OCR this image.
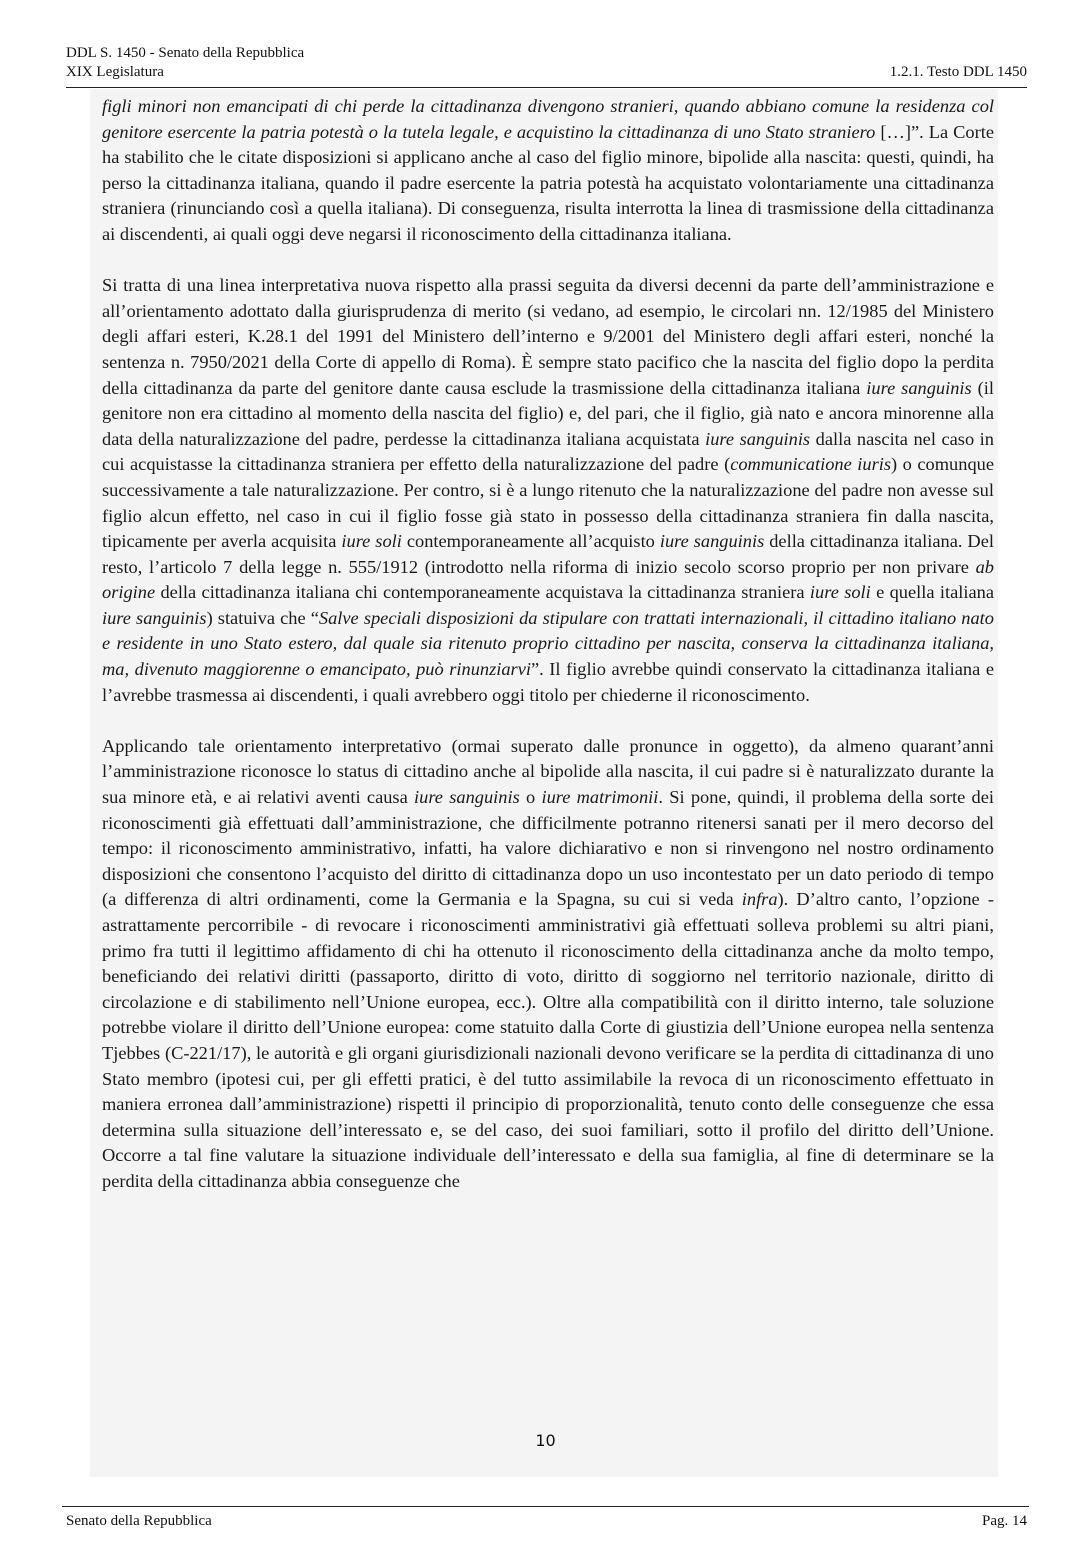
DDL S. 1450 - Senato della Repubblica
XIX Legislatura	1.2.1. Testo DDL 1450

figli minori non emancipati di chi perde la cittadinanza divengono stranieri, quando abbiano comune la residenza col genitore esercente la patria potestà o la tutela legale, e acquistino la cittadinanza di uno Stato straniero […]”. La Corte ha stabilito che le citate disposizioni si applicano anche al caso del figlio minore, bipolide alla nascita: questi, quindi, ha perso la cittadinanza italiana, quando il padre esercente la patria potestà ha acquistato volontariamente una cittadinanza straniera (rinunciando così a quella italiana). Di conseguenza, risulta interrotta la linea di trasmissione della cittadinanza ai discendenti, ai quali oggi deve negarsi il riconoscimento della cittadinanza italiana.

Si tratta di una linea interpretativa nuova rispetto alla prassi seguita da diversi decenni da parte dell’amministrazione e all’orientamento adottato dalla giurisprudenza di merito (si vedano, ad esempio, le circolari nn. 12/1985 del Ministero degli affari esteri, K.28.1 del 1991 del Ministero dell’interno e 9/2001 del Ministero degli affari esteri, nonché la sentenza n. 7950/2021 della Corte di appello di Roma). È sempre stato pacifico che la nascita del figlio dopo la perdita della cittadinanza da parte del genitore dante causa esclude la trasmissione della cittadinanza italiana iure sanguinis (il genitore non era cittadino al momento della nascita del figlio) e, del pari, che il figlio, già nato e ancora minorenne alla data della naturalizzazione del padre, perdesse la cittadinanza italiana acquistata iure sanguinis dalla nascita nel caso in cui acquistasse la cittadinanza straniera per effetto della naturalizzazione del padre (communicatione iuris) o comunque successivamente a tale naturalizzazione. Per contro, si è a lungo ritenuto che la naturalizzazione del padre non avesse sul figlio alcun effetto, nel caso in cui il figlio fosse già stato in possesso della cittadinanza straniera fin dalla nascita, tipicamente per averla acquisita iure soli contemporaneamente all’acquisto iure sanguinis della cittadinanza italiana. Del resto, l’articolo 7 della legge n. 555/1912 (introdotto nella riforma di inizio secolo scorso proprio per non privare ab origine della cittadinanza italiana chi contemporaneamente acquistava la cittadinanza straniera iure soli e quella italiana iure sanguinis) statuiva che “Salve speciali disposizioni da stipulare con trattati internazionali, il cittadino italiano nato e residente in uno Stato estero, dal quale sia ritenuto proprio cittadino per nascita, conserva la cittadinanza italiana, ma, divenuto maggiorenne o emancipato, può rinunziarvi”. Il figlio avrebbe quindi conservato la cittadinanza italiana e l’avrebbe trasmessa ai discendenti, i quali avrebbero oggi titolo per chiederne il riconoscimento.

Applicando tale orientamento interpretativo (ormai superato dalle pronunce in oggetto), da almeno quarant’anni l’amministrazione riconosce lo status di cittadino anche al bipolide alla nascita, il cui padre si è naturalizzato durante la sua minore età, e ai relativi aventi causa iure sanguinis o iure matrimonii. Si pone, quindi, il problema della sorte dei riconoscimenti già effettuati dall’amministrazione, che difficilmente potranno ritenersi sanati per il mero decorso del tempo: il riconoscimento amministrativo, infatti, ha valore dichiarativo e non si rinvengono nel nostro ordinamento disposizioni che consentono l’acquisto del diritto di cittadinanza dopo un uso incontestato per un dato periodo di tempo (a differenza di altri ordinamenti, come la Germania e la Spagna, su cui si veda infra). D’altro canto, l’opzione - astrattamente percorribile - di revocare i riconoscimenti amministrativi già effettuati solleva problemi su altri piani, primo fra tutti il legittimo affidamento di chi ha ottenuto il riconoscimento della cittadinanza anche da molto tempo, beneficiando dei relativi diritti (passaporto, diritto di voto, diritto di soggiorno nel territorio nazionale, diritto di circolazione e di stabilimento nell’Unione europea, ecc.). Oltre alla compatibilità con il diritto interno, tale soluzione potrebbe violare il diritto dell’Unione europea: come statuito dalla Corte di giustizia dell’Unione europea nella sentenza Tjebbes (C-221/17), le autorità e gli organi giurisdizionali nazionali devono verificare se la perdita di cittadinanza di uno Stato membro (ipotesi cui, per gli effetti pratici, è del tutto assimilabile la revoca di un riconoscimento effettuato in maniera erronea dall’amministrazione) rispetti il principio di proporzionalità, tenuto conto delle conseguenze che essa determina sulla situazione dell’interessato e, se del caso, dei suoi familiari, sotto il profilo del diritto dell’Unione. Occorre a tal fine valutare la situazione individuale dell’interessato e della sua famiglia, al fine di determinare se la perdita della cittadinanza abbia conseguenze che

10
Senato della Repubblica	Pag. 14
